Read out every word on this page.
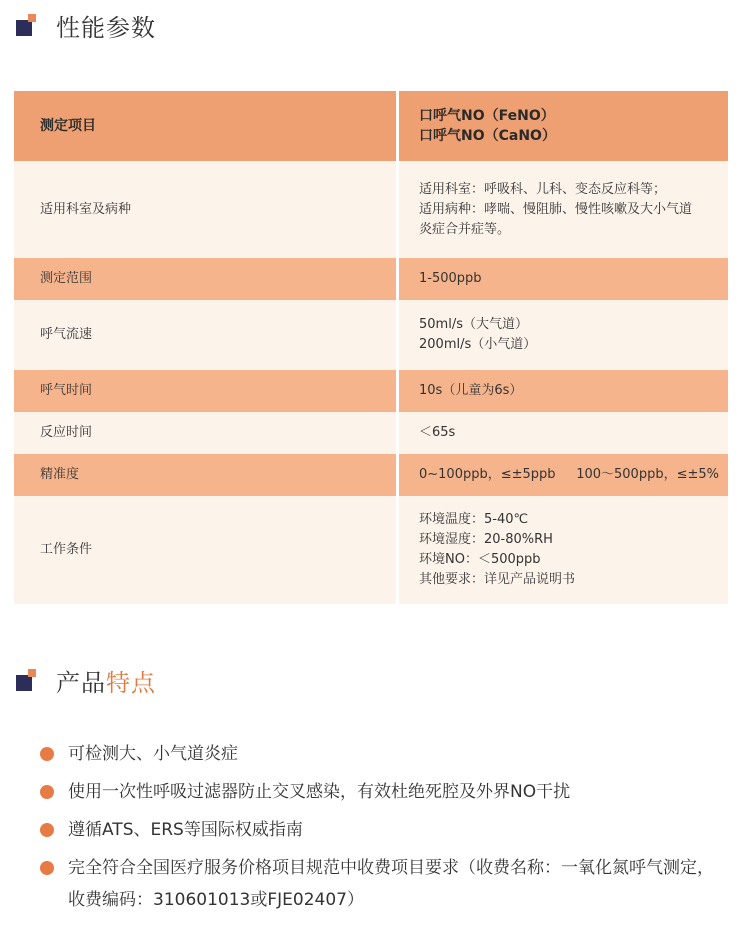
性能参数
测定项目	口呼气NO（FeNO）
口呼气NO（CaNO）

适用科室及病种	适用科室：呼吸科、儿科、变态反应科等；
适用病种：哮喘、慢阻肺、慢性咳嗽及大小气道
炎症合并症等。

测定范围	1-500ppb

呼气流速	50ml/s（大气道）
200ml/s（小气道）

呼气时间	10s（儿童为6s）

反应时间	＜65s

精准度	0~100ppb，≤±5ppb     100～500ppb，≤±5%

工作条件	环境温度：5-40℃
环境湿度：20-80%RH
环境NO：＜500ppb
其他要求：详见产品说明书
产品特点
可检测大、小气道炎症
使用一次性呼吸过滤器防止交叉感染，有效杜绝死腔及外界NO干扰
遵循ATS、ERS等国际权威指南
完全符合全国医疗服务价格项目规范中收费项目要求（收费名称：一氧化氮呼气测定，收费编码：310601013或FJE02407）
